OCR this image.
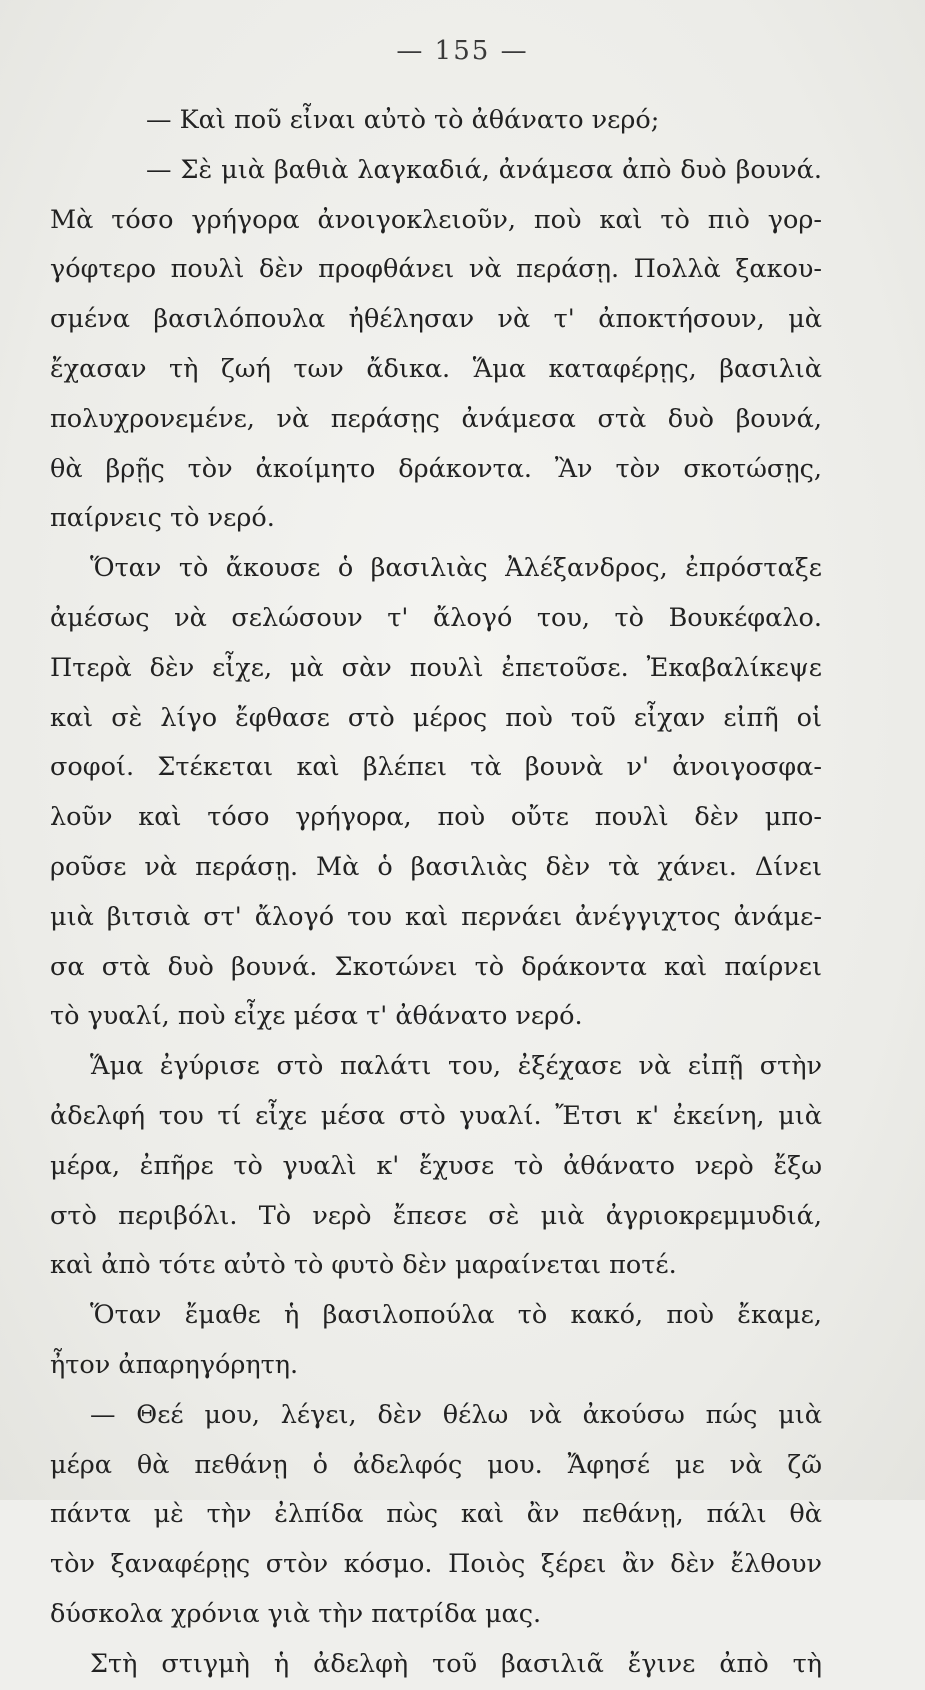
— 155 —
— Καὶ ποῦ εἶναι αὐτὸ τὸ ἀθάνατο νερό;
— Σὲ μιὰ βαθιὰ λαγκαδιά, ἀνάμεσα ἀπὸ δυὸ βουνά.
Μὰ τόσο γρήγορα ἀνοιγοκλειοῦν, ποὺ καὶ τὸ πιὸ γορ-
γόφτερο πουλὶ δὲν προφθάνει νὰ περάσῃ. Πολλὰ ξακου-
σμένα βασιλόπουλα ἠθέλησαν νὰ τ' ἀποκτήσουν, μὰ
ἔχασαν τὴ ζωή των ἄδικα. Ἅμα καταφέρῃς, βασιλιὰ
πολυχρονεμένε, νὰ περάσῃς ἀνάμεσα στὰ δυὸ βουνά,
θὰ βρῇς τὸν ἀκοίμητο δράκοντα. Ἂν τὸν σκοτώσῃς,
παίρνεις τὸ νερό.
Ὅταν τὸ ἄκουσε ὁ βασιλιὰς Ἀλέξανδρος, ἐπρόσταξε
ἀμέσως νὰ σελώσουν τ' ἄλογό του, τὸ Βουκέφαλο.
Πτερὰ δὲν εἶχε, μὰ σὰν πουλὶ ἐπετοῦσε. Ἐκαβαλίκεψε
καὶ σὲ λίγο ἔφθασε στὸ μέρος ποὺ τοῦ εἶχαν εἰπῆ οἱ
σοφοί. Στέκεται καὶ βλέπει τὰ βουνὰ ν' ἀνοιγοσφα-
λοῦν καὶ τόσο γρήγορα, ποὺ οὔτε πουλὶ δὲν μπο-
ροῦσε νὰ περάσῃ. Μὰ ὁ βασιλιὰς δὲν τὰ χάνει. Δίνει
μιὰ βιτσιὰ στ' ἄλογό του καὶ περνάει ἀνέγγιχτος ἀνάμε-
σα στὰ δυὸ βουνά. Σκοτώνει τὸ δράκοντα καὶ παίρνει
τὸ γυαλί, ποὺ εἶχε μέσα τ' ἀθάνατο νερό.
Ἅμα ἐγύρισε στὸ παλάτι του, ἐξέχασε νὰ εἰπῇ στὴν
ἀδελφή του τί εἶχε μέσα στὸ γυαλί. Ἔτσι κ' ἐκείνη, μιὰ
μέρα, ἐπῆρε τὸ γυαλὶ κ' ἔχυσε τὸ ἀθάνατο νερὸ ἔξω
στὸ περιβόλι. Τὸ νερὸ ἔπεσε σὲ μιὰ ἀγριοκρεμμυδιά,
καὶ ἀπὸ τότε αὐτὸ τὸ φυτὸ δὲν μαραίνεται ποτέ.
Ὅταν ἔμαθε ἡ βασιλοπούλα τὸ κακό, ποὺ ἔκαμε,
ἦτον ἀπαρηγόρητη.
— Θεέ μου, λέγει, δὲν θέλω νὰ ἀκούσω πώς μιὰ
μέρα θὰ πεθάνῃ ὁ ἀδελφός μου. Ἄφησέ με νὰ ζῶ
πάντα μὲ τὴν ἐλπίδα πὼς καὶ ἂν πεθάνῃ, πάλι θὰ
τὸν ξαναφέρῃς στὸν κόσμο. Ποιὸς ξέρει ἂν δὲν ἔλθουν
δύσκολα χρόνια γιὰ τὴν πατρίδα μας.
Στὴ στιγμὴ ἡ ἀδελφὴ τοῦ βασιλιᾶ ἔγινε ἀπὸ τὴ
